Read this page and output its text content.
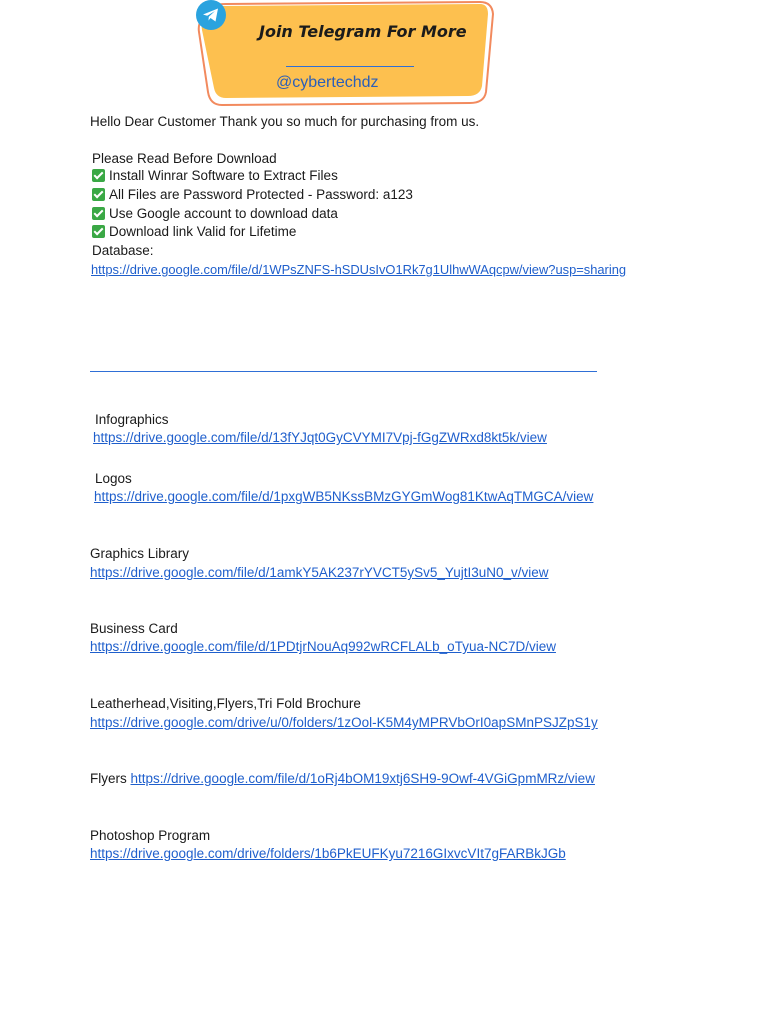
Join Telegram For More
@cybertechdz
Hello Dear Customer Thank you so much for purchasing from us.
Please Read Before Download
Install Winrar Software to Extract Files
All Files are Password Protected - Password: a123
Use Google account to download data
Download link Valid for Lifetime
Database:
https://drive.google.com/file/d/1WPsZNFS-hSDUsIvO1Rk7g1UlhwWAqcpw/view?usp=sharing
Infographics
https://drive.google.com/file/d/13fYJqt0GyCVYMI7Vpj-fGgZWRxd8kt5k/view
Logos
https://drive.google.com/file/d/1pxgWB5NKssBMzGYGmWog81KtwAqTMGCA/view
Graphics Library
https://drive.google.com/file/d/1amkY5AK237rYVCT5ySv5_YujtI3uN0_v/view
Business Card
https://drive.google.com/file/d/1PDtjrNouAq992wRCFLALb_oTyua-NC7D/view
Leatherhead,Visiting,Flyers,Tri Fold Brochure
https://drive.google.com/drive/u/0/folders/1zOol-K5M4yMPRVbOrI0apSMnPSJZpS1y
Flyers https://drive.google.com/file/d/1oRj4bOM19xtj6SH9-9Owf-4VGiGpmMRz/view
Photoshop Program
https://drive.google.com/drive/folders/1b6PkEUFKyu7216GIxvcVIt7gFARBkJGb
